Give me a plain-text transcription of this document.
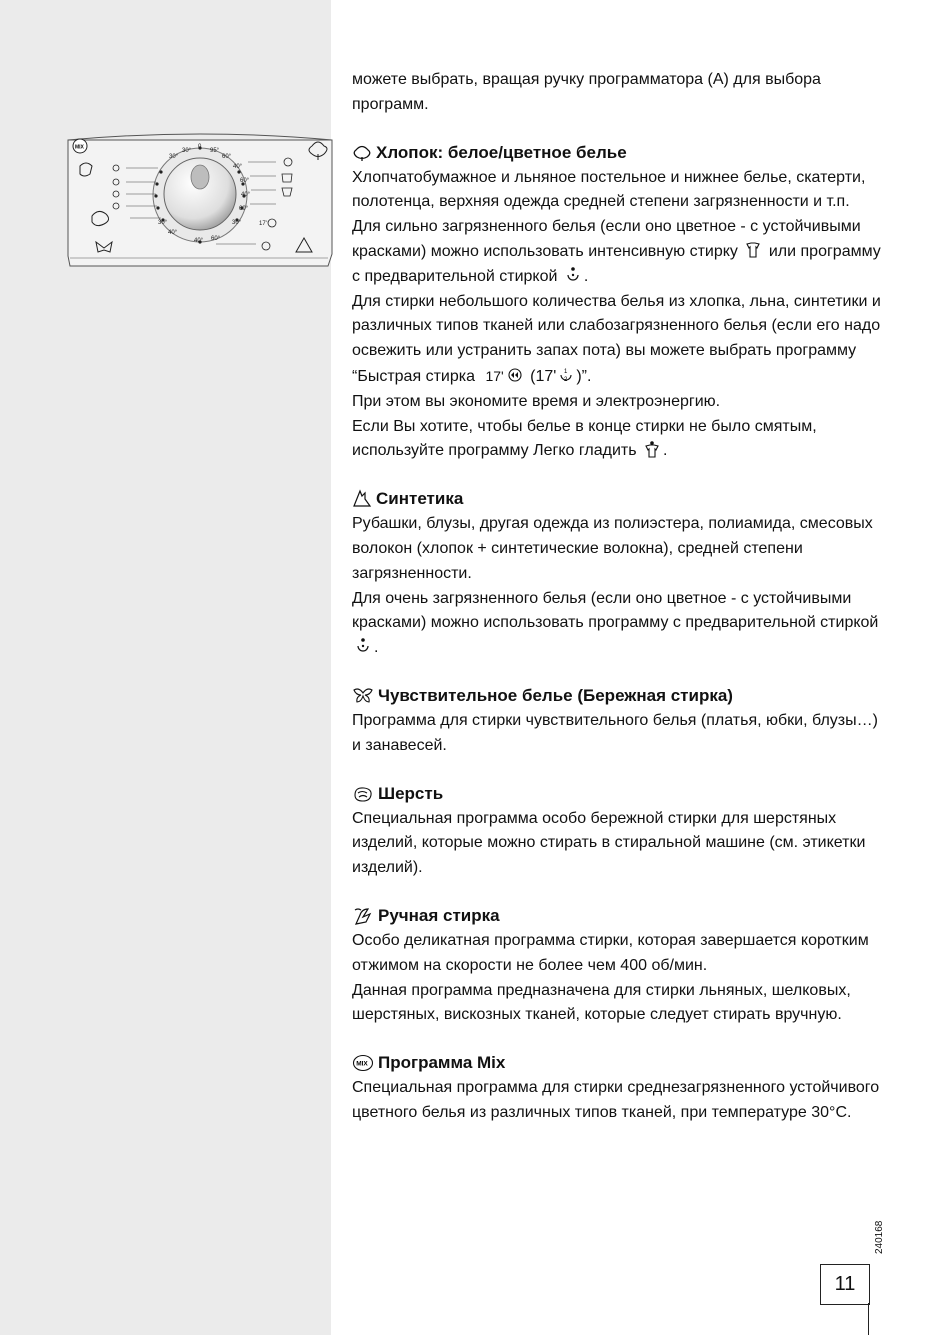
30°
30°
0
95°
60°
40°
60°
40°
60°
30°
30°
40°
40° 60°
17'
MIX

можете выбрать, вращая ручку программатора (А) для выбора программ.

Хлопок: белое/цветное белье

Хлопчатобумажное и льняное постельное и нижнее белье, скатерти, полотенца, верхняя одежда средней степени загрязненности и т.п.

Для сильно загрязненного белья (если оно цветное - с устойчивыми красками) можно использовать интенсивную стирку или программу с предварительной стиркой .

Для стирки небольшого количества белья из хлопка, льна, синтетики и различных типов тканей или слабозагрязненного белья (если его надо освежить или устранить запах пота) вы можете выбрать программу “Быстрая стирка 17' (17' 1
2 )”.

При этом вы экономите время и электроэнергию.

Если Вы хотите, чтобы белье в конце стирки не было смятым, используйте программу Легко гладить .

Синтетика

Рубашки, блузы, другая одежда из полиэстера, полиамида, смесовых волокон (хлопок + синтетические волокна), средней степени загрязненности.

Для очень загрязненного белья (если оно цветное - с устойчивыми красками) можно использовать программу с предварительной стиркой .

Чувствительное белье (Бережная стирка)

Программа для стирки чувствительного белья (платья, юбки, блузы…) и занавесей.

Шерсть

Специальная программа особо бережной стирки для шерстяных изделий, которые можно стирать в стиральной машине (см. этикетки изделий).

Ручная стирка

Особо деликатная программа стирки, которая завершается коротким отжимом на скорости не более чем 400 об/мин.

Данная программа предназначена для стирки льняных, шелковых, шерстяных, вискозных тканей, которые следует стирать вручную.

MIX Программа Mix

Специальная программа для стирки среднезагрязненного устойчивого цветного белья из различных типов тканей, при температуре 30°С.

240168
11
